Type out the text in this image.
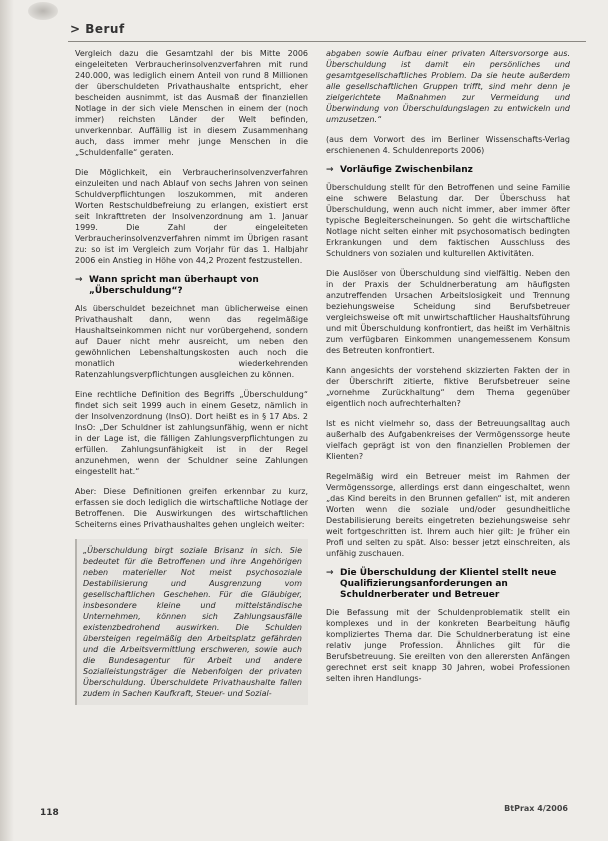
> Beruf

Vergleich dazu die Gesamtzahl der bis Mitte 2006 eingeleiteten Verbraucherinsolvenzverfahren mit rund 240.000, was lediglich einem Anteil von rund 8 Millionen der überschuldeten Privathaushalte entspricht, eher bescheiden ausnimmt, ist das Ausmaß der finanziellen Notlage in der sich viele Menschen in einem der (noch immer) reichsten Länder der Welt befinden, unverkennbar. Auffällig ist in diesem Zusammenhang auch, dass immer mehr junge Menschen in die „Schuldenfalle“ geraten.

Die Möglichkeit, ein Verbraucherinsolvenzverfahren einzuleiten und nach Ablauf von sechs Jahren von seinen Schuldverpflichtungen loszukommen, mit anderen Worten Restschuldbefreiung zu erlangen, existiert erst seit Inkrafttreten der Insolvenzordnung am 1. Januar 1999. Die Zahl der eingeleiteten Verbraucherinsolvenzverfahren nimmt im Übrigen rasant zu: so ist im Vergleich zum Vorjahr für das 1. Halbjahr 2006 ein Anstieg in Höhe von 44,2 Prozent festzustellen.

→ Wann spricht man überhaupt von „Überschuldung“?

Als überschuldet bezeichnet man üblicherweise einen Privathaushalt dann, wenn das regelmäßige Haushaltseinkommen nicht nur vorübergehend, sondern auf Dauer nicht mehr ausreicht, um neben den gewöhnlichen Lebenshaltungskosten auch noch die monatlich wiederkehrenden Ratenzahlungsverpflichtungen ausgleichen zu können.

Eine rechtliche Definition des Begriffs „Überschuldung“ findet sich seit 1999 auch in einem Gesetz, nämlich in der Insolvenzordnung (InsO). Dort heißt es in § 17 Abs. 2 InsO: „Der Schuldner ist zahlungsunfähig, wenn er nicht in der Lage ist, die fälligen Zahlungsverpflichtungen zu erfüllen. Zahlungsunfähigkeit ist in der Regel anzunehmen, wenn der Schuldner seine Zahlungen eingestellt hat.“

Aber: Diese Definitionen greifen erkennbar zu kurz, erfassen sie doch lediglich die wirtschaftliche Notlage der Betroffenen. Die Auswirkungen des wirtschaftlichen Scheiterns eines Privathaushaltes gehen ungleich weiter:

„Überschuldung birgt soziale Brisanz in sich. Sie bedeutet für die Betroffenen und ihre Angehörigen neben materieller Not meist psychosoziale Destabilisierung und Ausgrenzung vom gesellschaftlichen Geschehen. Für die Gläubiger, insbesondere kleine und mittelständische Unternehmen, können sich Zahlungsausfälle existenzbedrohend auswirken. Die Schulden übersteigen regelmäßig den Arbeitsplatz gefährden und die Arbeitsvermittlung erschweren, sowie auch die Bundesagentur für Arbeit und andere Sozialleistungsträger die Nebenfolgen der privaten Überschuldung. Überschuldete Privathaushalte fallen zudem in Sachen Kaufkraft, Steuer- und Sozial-

abgaben sowie Aufbau einer privaten Altersvorsorge aus. Überschuldung ist damit ein persönliches und gesamtgesellschaftliches Problem. Da sie heute außerdem alle gesellschaftlichen Gruppen trifft, sind mehr denn je zielgerichtete Maßnahmen zur Vermeidung und Überwindung von Überschuldungslagen zu entwickeln und umzusetzen.“

(aus dem Vorwort des im Berliner Wissenschafts-Verlag erschienenen 4. Schuldenreports 2006)

→ Vorläufige Zwischenbilanz

Überschuldung stellt für den Betroffenen und seine Familie eine schwere Belastung dar. Der Überschuss hat Überschuldung, wenn auch nicht immer, aber immer öfter typische Begleiterscheinungen. So geht die wirtschaftliche Notlage nicht selten einher mit psychosomatisch bedingten Erkrankungen und dem faktischen Ausschluss des Schuldners von sozialen und kulturellen Aktivitäten.

Die Auslöser von Überschuldung sind vielfältig. Neben den in der Praxis der Schuldnerberatung am häufigsten anzutreffenden Ursachen Arbeitslosigkeit und Trennung beziehungsweise Scheidung sind Berufsbetreuer vergleichsweise oft mit unwirtschaftlicher Haushaltsführung und mit Überschuldung konfrontiert, das heißt im Verhältnis zum verfügbaren Einkommen unangemessenem Konsum des Betreuten konfrontiert.

Kann angesichts der vorstehend skizzierten Fakten der in der Überschrift zitierte, fiktive Berufsbetreuer seine „vornehme Zurückhaltung“ dem Thema gegenüber eigentlich noch aufrechterhalten?

Ist es nicht vielmehr so, dass der Betreuungsalltag auch außerhalb des Aufgabenkreises der Vermögenssorge heute vielfach geprägt ist von den finanziellen Problemen der Klienten?

Regelmäßig wird ein Betreuer meist im Rahmen der Vermögenssorge, allerdings erst dann eingeschaltet, wenn „das Kind bereits in den Brunnen gefallen“ ist, mit anderen Worten wenn die soziale und/oder gesundheitliche Destabilisierung bereits eingetreten beziehungsweise sehr weit fortgeschritten ist. Ihrem auch hier gilt: Je früher ein Profi und selten zu spät. Also: besser jetzt einschreiten, als unfähig zuschauen.

→ Die Überschuldung der Klientel stellt neue Qualifizierungsanforderungen an Schuldnerberater und Betreuer

Die Befassung mit der Schuldenproblematik stellt ein komplexes und in der konkreten Bearbeitung häufig kompliziertes Thema dar. Die Schuldnerberatung ist eine relativ junge Profession. Ähnliches gilt für die Berufsbetreuung. Sie ereilten von den allerersten Anfängen gerechnet erst seit knapp 30 Jahren, wobei Professionen selten ihren Handlungs-

118	BtPrax 4/2006
